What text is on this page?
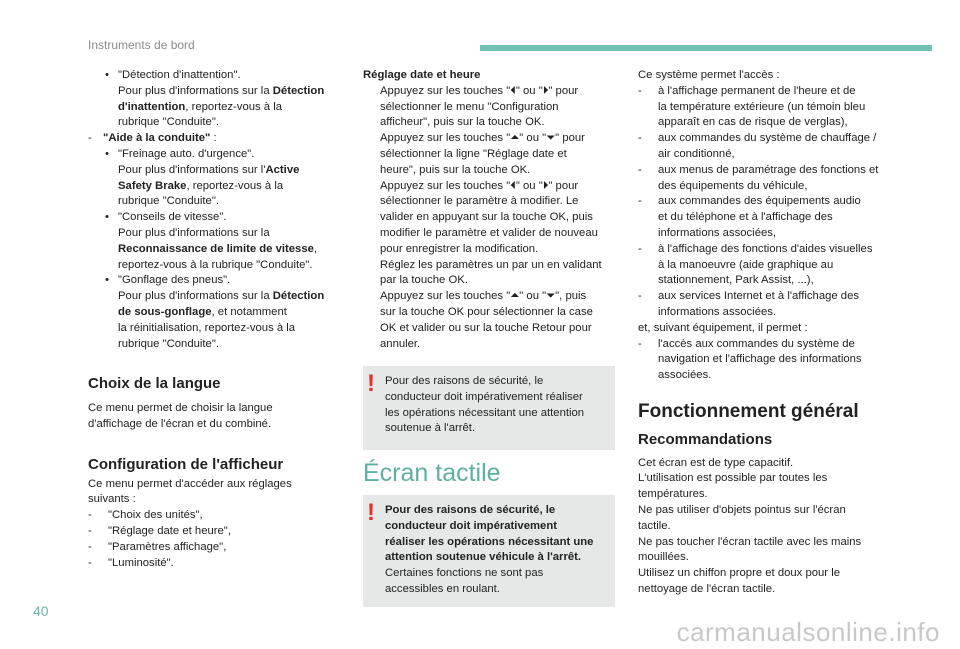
Instruments de bord
• "Détection d'inattention".
Pour plus d'informations sur la Détection
d'inattention, reportez-vous à la
rubrique "Conduite".
- "Aide à la conduite" :
• "Freinage auto. d'urgence".
Pour plus d'informations sur l'Active
Safety Brake, reportez-vous à la
rubrique "Conduite".
• "Conseils de vitesse".
Pour plus d'informations sur la
Reconnaissance de limite de vitesse,
reportez-vous à la rubrique "Conduite".
• "Gonflage des pneus".
Pour plus d'informations sur la Détection
de sous-gonflage, et notamment
la réinitialisation, reportez-vous à la
rubrique "Conduite".
Choix de la langue
Ce menu permet de choisir la langue
d'affichage de l'écran et du combiné.
Configuration de l'afficheur
Ce menu permet d'accéder aux réglages
suivants :
- "Choix des unités",
- "Réglage date et heure",
- "Paramètres affichage",
- "Luminosité".
Réglage date et heure
Appuyez sur les touches "⏴" ou "⏵" pour
sélectionner le menu "Configuration
afficheur", puis sur la touche OK.
Appuyez sur les touches "⏶" ou "⏷" pour
sélectionner la ligne "Réglage date et
heure", puis sur la touche OK.
Appuyez sur les touches "⏴" ou "⏵" pour
sélectionner le paramètre à modifier. Le
valider en appuyant sur la touche OK, puis
modifier le paramètre et valider de nouveau
pour enregistrer la modification.
Réglez les paramètres un par un en validant
par la touche OK.
Appuyez sur les touches "⏶" ou "⏷", puis
sur la touche OK pour sélectionner la case
OK et valider ou sur la touche Retour pour
annuler.
! Pour des raisons de sécurité, le
conducteur doit impérativement réaliser
les opérations nécessitant une attention
soutenue à l'arrêt.
Écran tactile
! Pour des raisons de sécurité, le
conducteur doit impérativement
réaliser les opérations nécessitant une
attention soutenue véhicule à l'arrêt.
Certaines fonctions ne sont pas
accessibles en roulant.
Ce système permet l'accès :
- à l'affichage permanent de l'heure et de
la température extérieure (un témoin bleu
apparaît en cas de risque de verglas),
- aux commandes du système de chauffage /
air conditionné,
- aux menus de paramétrage des fonctions et
des équipements du véhicule,
- aux commandes des équipements audio
et du téléphone et à l'affichage des
informations associées,
- à l'affichage des fonctions d'aides visuelles
à la manoeuvre (aide graphique au
stationnement, Park Assist, ...),
- aux services Internet et à l'affichage des
informations associées.
et, suivant équipement, il permet :
- l'accès aux commandes du système de
navigation et l'affichage des informations
associées.
Fonctionnement général
Recommandations
Cet écran est de type capacitif.
L'utilisation est possible par toutes les
températures.
Ne pas utiliser d'objets pointus sur l'écran
tactile.
Ne pas toucher l'écran tactile avec les mains
mouillées.
Utilisez un chiffon propre et doux pour le
nettoyage de l'écran tactile.
40
carmanualsonline.info
